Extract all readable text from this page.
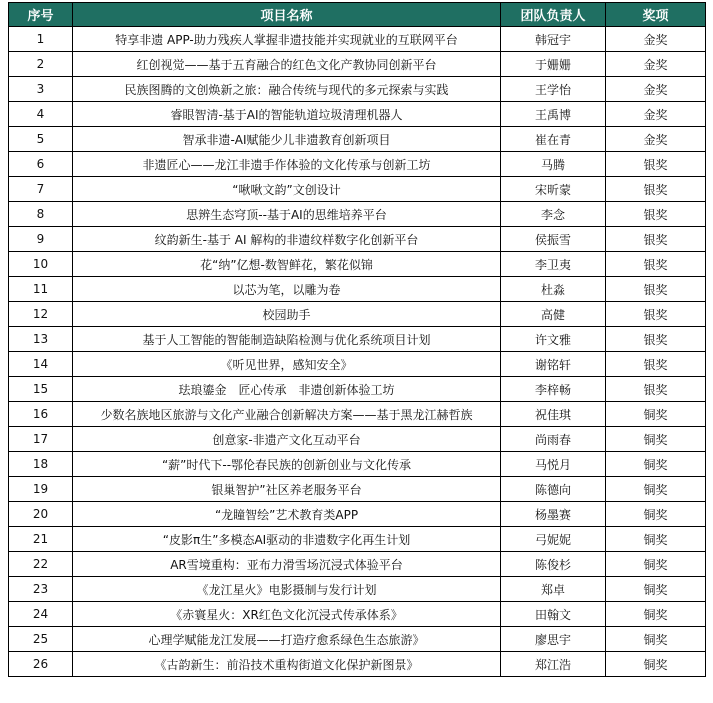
序号	项目名称	团队负责人	奖项
1	特享非遗 APP-助力残疾人掌握非遗技能并实现就业的互联网平台	韩冠宇	金奖
2	红创视觉——基于五育融合的红色文化产教协同创新平台	于姗姗	金奖
3	民族图腾的文创焕新之旅：融合传统与现代的多元探索与实践	王学怡	金奖
4	睿眼智清-基于AI的智能轨道垃圾清理机器人	王禹博	金奖
5	智承非遗-AI赋能少儿非遗教育创新项目	崔在青	金奖
6	非遗匠心——龙江非遗手作体验的文化传承与创新工坊	马腾	银奖
7	“啾啾文韵”文创设计	宋昕蒙	银奖
8	思辨生态穹顶--基于AI的思维培养平台	李念	银奖
9	纹韵新生-基于 AI 解构的非遗纹样数字化创新平台	侯振雪	银奖
10	花“纳”亿想-数智鲜花，繁花似锦	李卫夷	银奖
11	以芯为笔，以雕为卷	杜淼	银奖
12	校园助手	高健	银奖
13	基于人工智能的智能制造缺陷检测与优化系统项目计划	许文雅	银奖
14	《听见世界，感知安全》	谢铭轩	银奖
15	珐琅鎏金　匠心传承　非遗创新体验工坊	李梓畅	银奖
16	少数名族地区旅游与文化产业融合创新解决方案——基于黑龙江赫哲族	祝佳琪	铜奖
17	创意家-非遗产文化互动平台	尚雨春	铜奖
18	“薪”时代下--鄂伦春民族的创新创业与文化传承	马悦月	铜奖
19	银巢智护”社区养老服务平台	陈德向	铜奖
20	“龙瞳智绘”艺术教育类APP	杨墨赛	铜奖
21	“皮影π生”多模态AI驱动的非遗数字化再生计划	弓妮妮	铜奖
22	AR雪境重构：亚布力滑雪场沉浸式体验平台	陈俊杉	铜奖
23	《龙江星火》电影摄制与发行计划	郑卓	铜奖
24	《赤寰星火：XR红色文化沉浸式传承体系》	田翰文	铜奖
25	心理学赋能龙江发展——打造疗愈系绿色生态旅游》	廖思宇	铜奖
26	《古韵新生：前沿技术重构街道文化保护新图景》	郑江浩	铜奖
